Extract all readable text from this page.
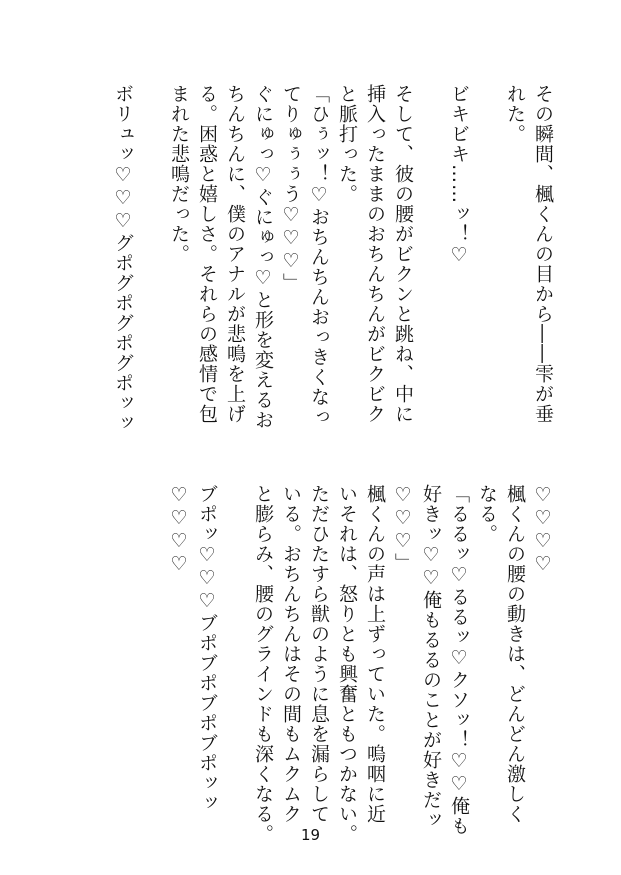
その瞬間、楓くんの目から――雫が垂
れた。
ビキビキ……ッ！♡
そして、彼の腰がビクンと跳ね、中に
挿入ったままのおちんちんがビクビク
と脈打った。
「ひぅッ！♡おちんちんおっきくなっ
てりゅぅぅう♡♡♡」
ぐにゅっ♡ぐにゅっ♡と形を変えるお
ちんちんに、僕のアナルが悲鳴を上げ
る。困惑と嬉しさ。それらの感情で包
まれた悲鳴だった。
ボリュッ♡♡♡グポグポグポグポッッ
♡♡♡♡
楓くんの腰の動きは、どんどん激しく
なる。
「るるッ♡るるッ♡クソッ！♡♡俺も
好きッ♡♡俺もるるのことが好きだッ
♡♡♡」
楓くんの声は上ずっていた。嗚咽に近
いそれは、怒りとも興奮ともつかない。
ただひたすら獣のように息を漏らして
いる。おちんちんはその間もムクムク
と膨らみ、腰のグラインドも深くなる。
ブポッ♡♡♡ブポブポブポブポッッ
♡♡♡♡
19
